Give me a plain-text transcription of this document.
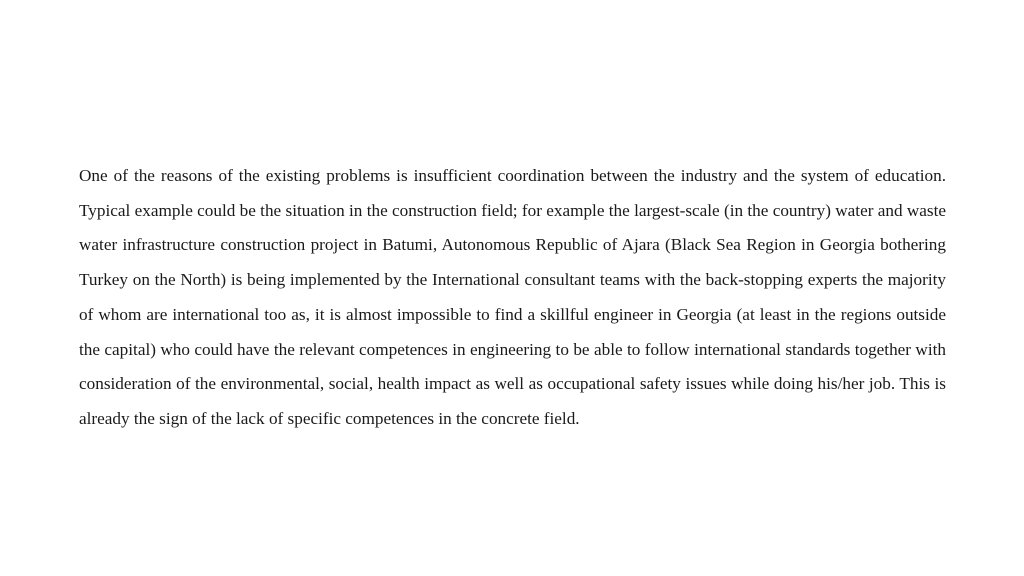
One of the reasons of the existing problems is insufficient coordination between the industry and the system of education. Typical example could be the situation in the construction field; for example the largest-scale (in the country) water and waste water infrastructure construction project in Batumi, Autonomous Republic of Ajara (Black Sea Region in Georgia bothering Turkey on the North) is being implemented by the International consultant teams with the back-stopping experts the majority of whom are international too as, it is almost impossible to find a skillful engineer in Georgia (at least in the regions outside the capital) who could have the relevant competences in engineering to be able to follow international standards together with consideration of the environmental, social, health impact as well as occupational safety issues while doing his/her job. This is already the sign of the lack of specific competences in the concrete field.
